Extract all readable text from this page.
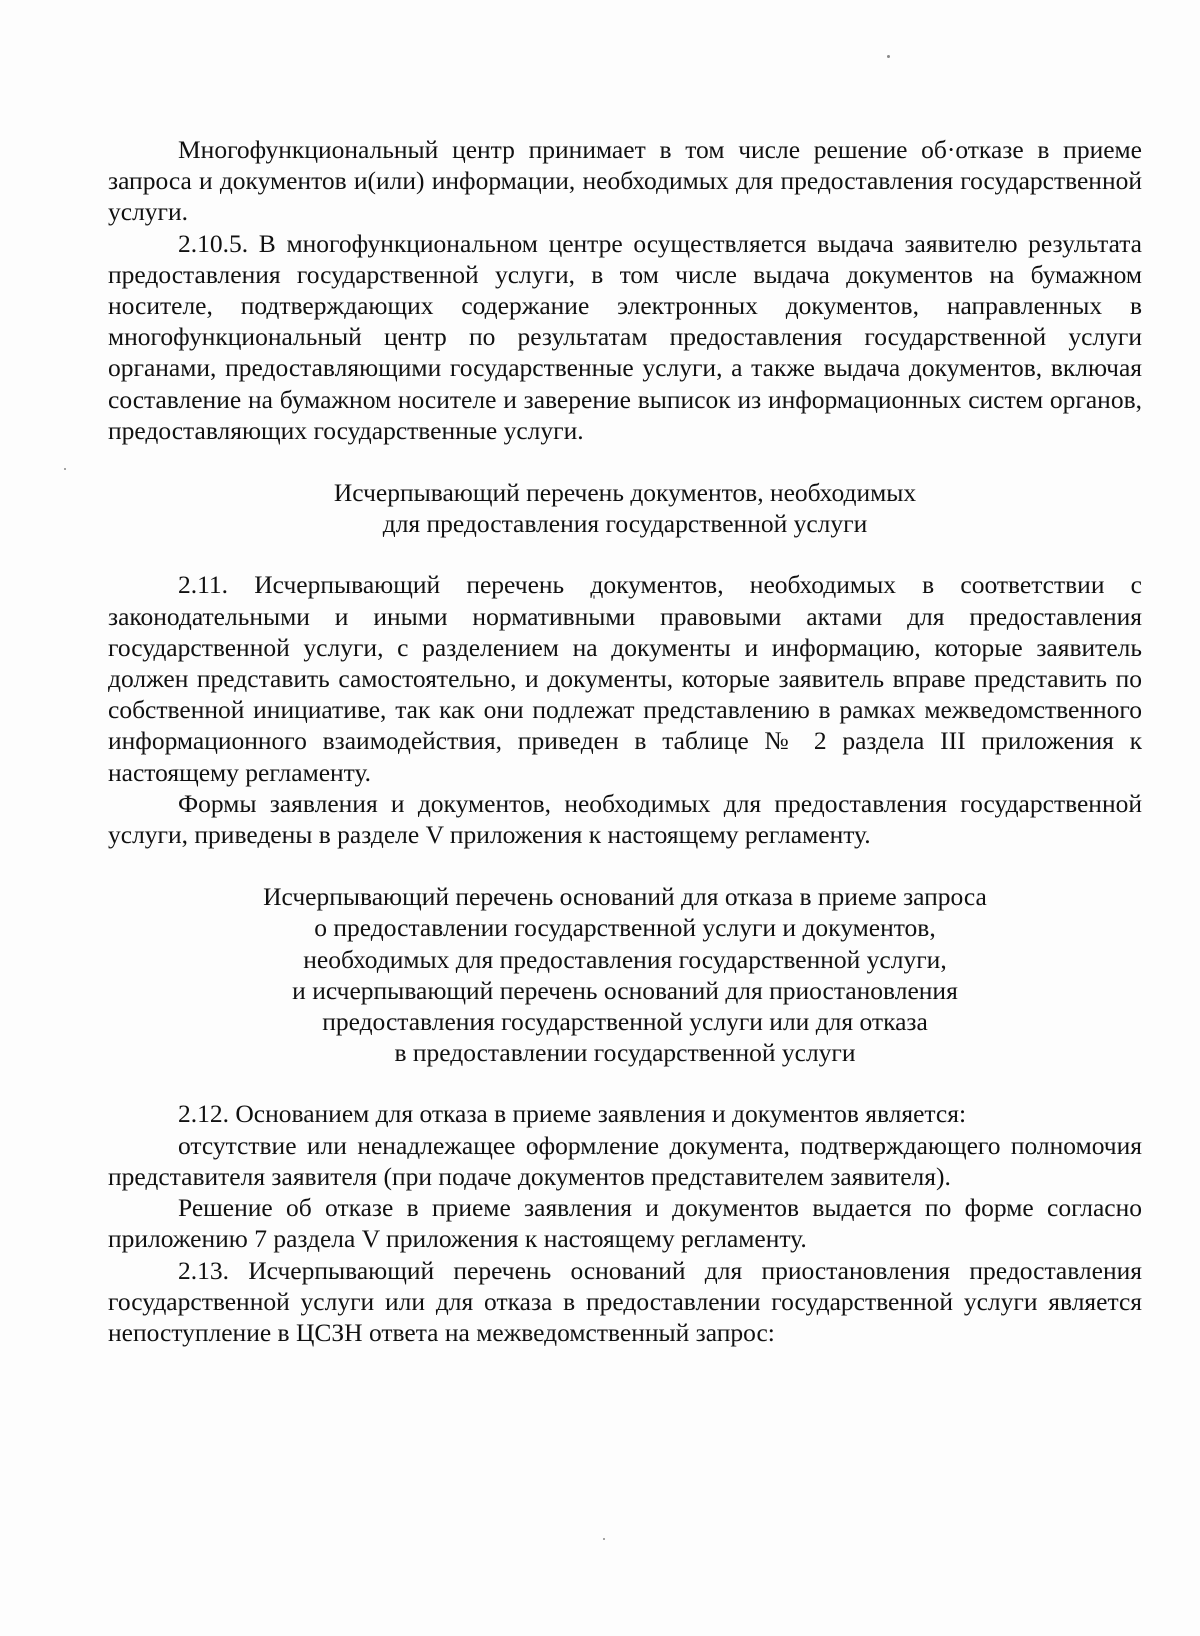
Многофункциональный центр принимает в том числе решение об·отказе в приеме запроса и документов и(или) информации, необходимых для предоставления государственной услуги.

2.10.5. В многофункциональном центре осуществляется выдача заявителю результата предоставления государственной услуги, в том числе выдача документов на бумажном носителе, подтверждающих содержание электронных документов, направленных в многофункциональный центр по результатам предоставления государственной услуги органами, предоставляющими государственные услуги, а также выдача документов, включая составление на бумажном носителе и заверение выписок из информационных систем органов, предоставляющих государственные услуги.

Исчерпывающий перечень документов, необходимых
для предоставления государственной услуги

2.11. Исчерпывающий перечень документов, необходимых в соответствии с законодательными и иными нормативными правовыми актами для предоставления государственной услуги, с разделением на документы и информацию, которые заявитель должен представить самостоятельно, и документы, которые заявитель вправе представить по собственной инициативе, так как они подлежат представлению в рамках межведомственного информационного взаимодействия, приведен в таблице № 2 раздела III приложения к настоящему регламенту.

Формы заявления и документов, необходимых для предоставления государственной услуги, приведены в разделе V приложения к настоящему регламенту.

Исчерпывающий перечень оснований для отказа в приеме запроса
о предоставлении государственной услуги и документов,
необходимых для предоставления государственной услуги,
и исчерпывающий перечень оснований для приостановления
предоставления государственной услуги или для отказа
в предоставлении государственной услуги

2.12. Основанием для отказа в приеме заявления и документов является:

отсутствие или ненадлежащее оформление документа, подтверждающего полномочия представителя заявителя (при подаче документов представителем заявителя).

Решение об отказе в приеме заявления и документов выдается по форме согласно приложению 7 раздела V приложения к настоящему регламенту.

2.13. Исчерпывающий перечень оснований для приостановления предоставления государственной услуги или для отказа в предоставлении государственной услуги является непоступление в ЦСЗН ответа на межведомственный запрос:
